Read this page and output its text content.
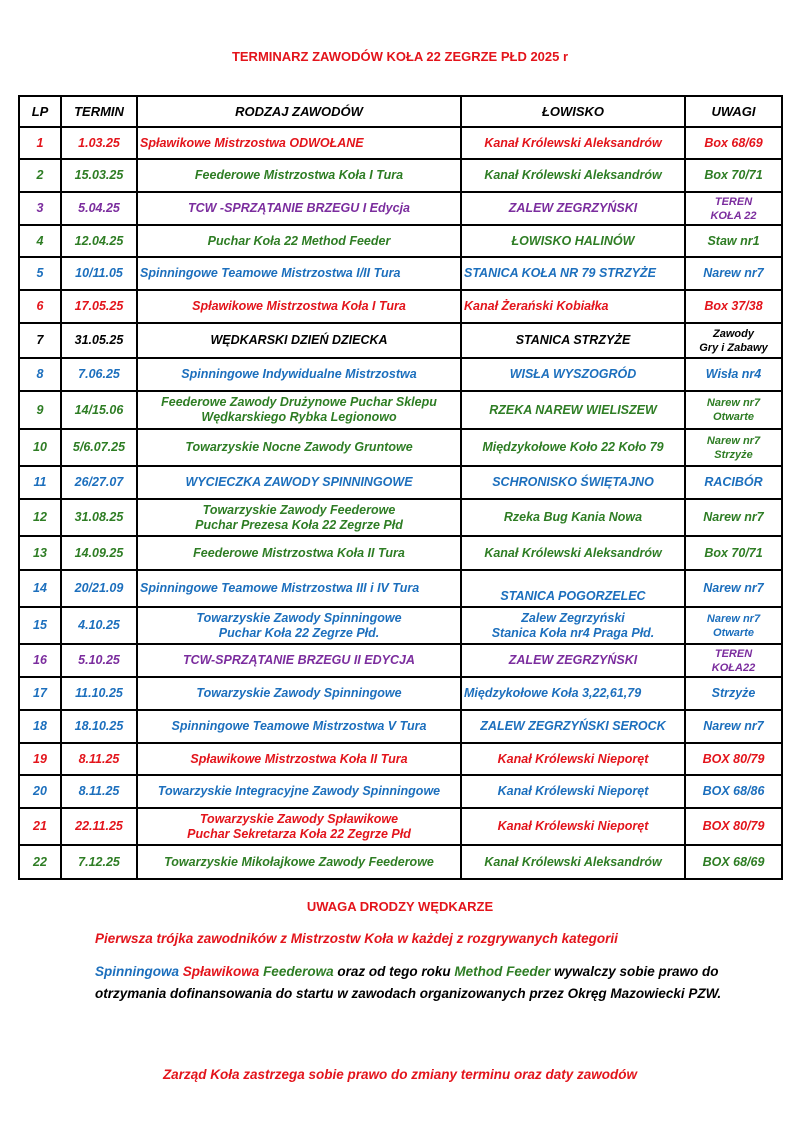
TERMINARZ ZAWODÓW KOŁA 22 ZEGRZE PŁD 2025 r
LP	TERMIN	RODZAJ ZAWODÓW	ŁOWISKO	UWAGI
1	1.03.25	Spławikowe Mistrzostwa ODWOŁANE	Kanał Królewski Aleksandrów	Box 68/69
2	15.03.25	Feederowe Mistrzostwa Koła I Tura	Kanał Królewski Aleksandrów	Box 70/71
3	5.04.25	TCW -SPRZĄTANIE BRZEGU I Edycja	ZALEW ZEGRZYŃSKI	TEREN
KOŁA 22
4	12.04.25	Puchar Koła 22 Method Feeder	ŁOWISKO HALINÓW	Staw nr1
5	10/11.05	Spinningowe Teamowe Mistrzostwa I/II Tura	STANICA KOŁA NR 79 STRZYŻE	Narew nr7
6	17.05.25	Spławikowe Mistrzostwa Koła I Tura	Kanał Żerański Kobiałka	Box 37/38
7	31.05.25	WĘDKARSKI DZIEŃ DZIECKA	STANICA STRZYŻE	Zawody
Gry i Zabawy
8	7.06.25	Spinningowe Indywidualne Mistrzostwa	WISŁA WYSZOGRÓD	Wisła nr4
9	14/15.06	Feederowe Zawody Drużynowe Puchar Sklepu
Wędkarskiego Rybka Legionowo	RZEKA NAREW WIELISZEW	Narew nr7
Otwarte
10	5/6.07.25	Towarzyskie Nocne Zawody Gruntowe	Międzykołowe Koło 22 Koło 79	Narew nr7
Strzyże
11	26/27.07	WYCIECZKA ZAWODY SPINNINGOWE	SCHRONISKO ŚWIĘTAJNO	RACIBÓR
12	31.08.25	Towarzyskie Zawody Feederowe
Puchar Prezesa Koła 22 Zegrze Płd	Rzeka Bug Kania Nowa	Narew nr7
13	14.09.25	Feederowe Mistrzostwa Koła II Tura	Kanał Królewski Aleksandrów	Box 70/71
14	20/21.09	Spinningowe Teamowe Mistrzostwa III i IV Tura	STANICA POGORZELEC	Narew nr7
15	4.10.25	Towarzyskie Zawody Spinningowe
Puchar Koła 22 Zegrze Płd.	Zalew Zegrzyński
Stanica Koła nr4 Praga Płd.	Narew nr7
Otwarte
16	5.10.25	TCW-SPRZĄTANIE BRZEGU II EDYCJA	ZALEW ZEGRZYŃSKI	TEREN
KOŁA22
17	11.10.25	Towarzyskie Zawody Spinningowe	Międzykołowe Koła 3,22,61,79	Strzyże
18	18.10.25	Spinningowe Teamowe Mistrzostwa V Tura	ZALEW ZEGRZYŃSKI SEROCK	Narew nr7
19	8.11.25	Spławikowe Mistrzostwa Koła II Tura	Kanał Królewski Nieporęt	BOX 80/79
20	8.11.25	Towarzyskie Integracyjne Zawody Spinningowe	Kanał Królewski Nieporęt	BOX 68/86
21	22.11.25	Towarzyskie Zawody Spławikowe
Puchar Sekretarza Koła 22 Zegrze Płd	Kanał Królewski Nieporęt	BOX 80/79
22	7.12.25	Towarzyskie Mikołajkowe Zawody Feederowe	Kanał Królewski Aleksandrów	BOX 68/69
UWAGA DRODZY WĘDKARZE

Pierwsza trójka zawodników z Mistrzostw Koła w każdej z rozgrywanych kategorii

Spinningowa Spławikowa Feederowa oraz od tego roku Method Feeder wywalczy sobie prawo do otrzymania dofinansowania do startu w zawodach organizowanych przez Okręg Mazowiecki PZW.

Zarząd Koła zastrzega sobie prawo do zmiany terminu oraz daty zawodów
